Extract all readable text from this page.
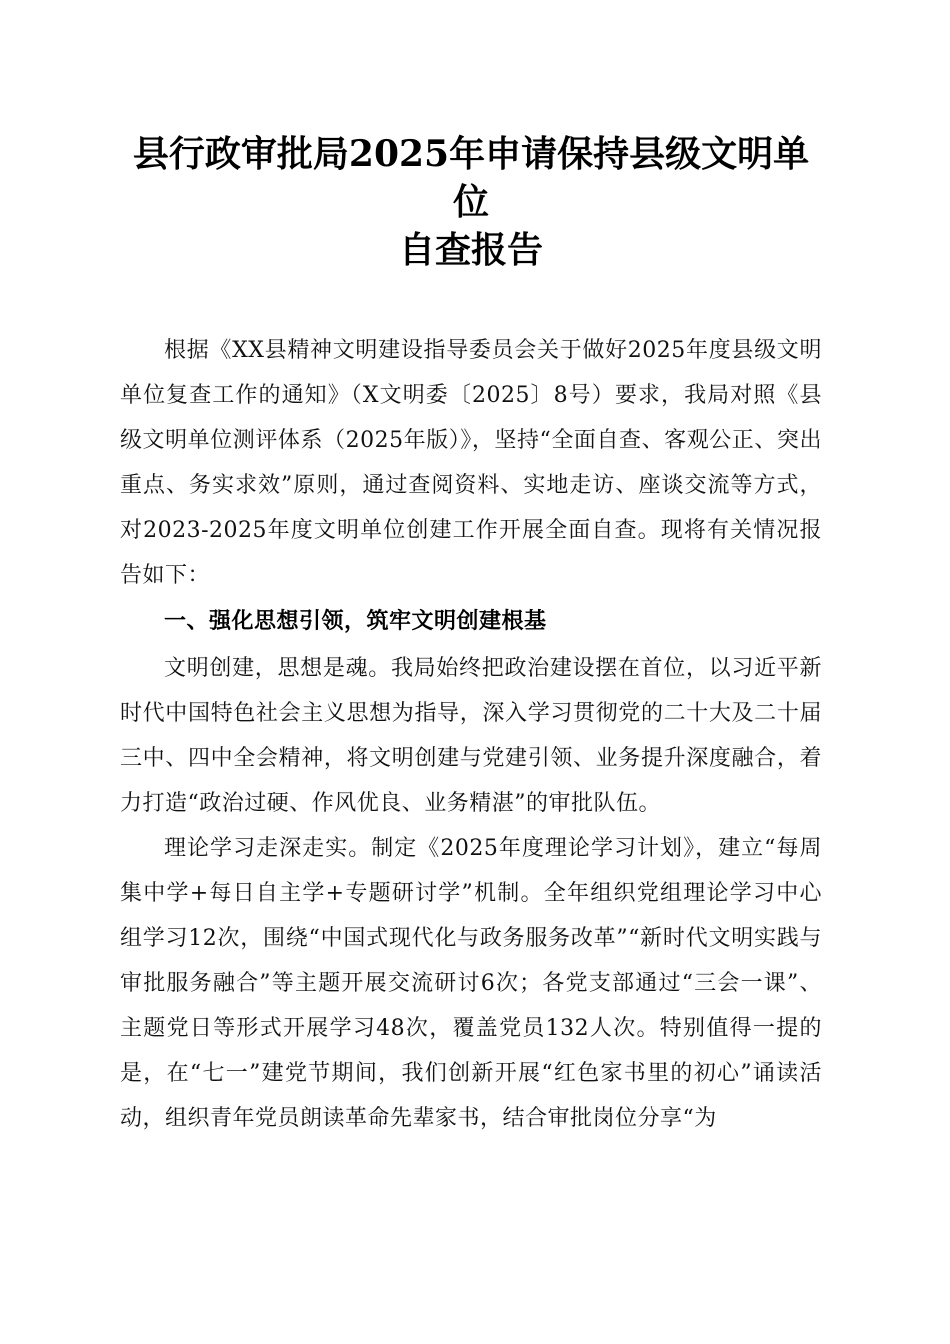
县行政审批局2025年申请保持县级文明单位
自查报告

根据《XX县精神文明建设指导委员会关于做好2025年度县级文明单位复查工作的通知》（X文明委〔2025〕8号）要求，我局对照《县级文明单位测评体系（2025年版）》，坚持“全面自查、客观公正、突出重点、务实求效”原则，通过查阅资料、实地走访、座谈交流等方式，对2023-2025年度文明单位创建工作开展全面自查。现将有关情况报告如下：

一、强化思想引领，筑牢文明创建根基

文明创建，思想是魂。我局始终把政治建设摆在首位，以习近平新时代中国特色社会主义思想为指导，深入学习贯彻党的二十大及二十届三中、四中全会精神，将文明创建与党建引领、业务提升深度融合，着力打造“政治过硬、作风优良、业务精湛”的审批队伍。

理论学习走深走实。制定《2025年度理论学习计划》，建立“每周集中学+每日自主学+专题研讨学”机制。全年组织党组理论学习中心组学习12次，围绕“中国式现代化与政务服务改革”“新时代文明实践与审批服务融合”等主题开展交流研讨6次；各党支部通过“三会一课”、主题党日等形式开展学习48次，覆盖党员132人次。特别值得一提的是，在“七一”建党节期间，我们创新开展“红色家书里的初心”诵读活动，组织青年党员朗读革命先辈家书，结合审批岗位分享“为
